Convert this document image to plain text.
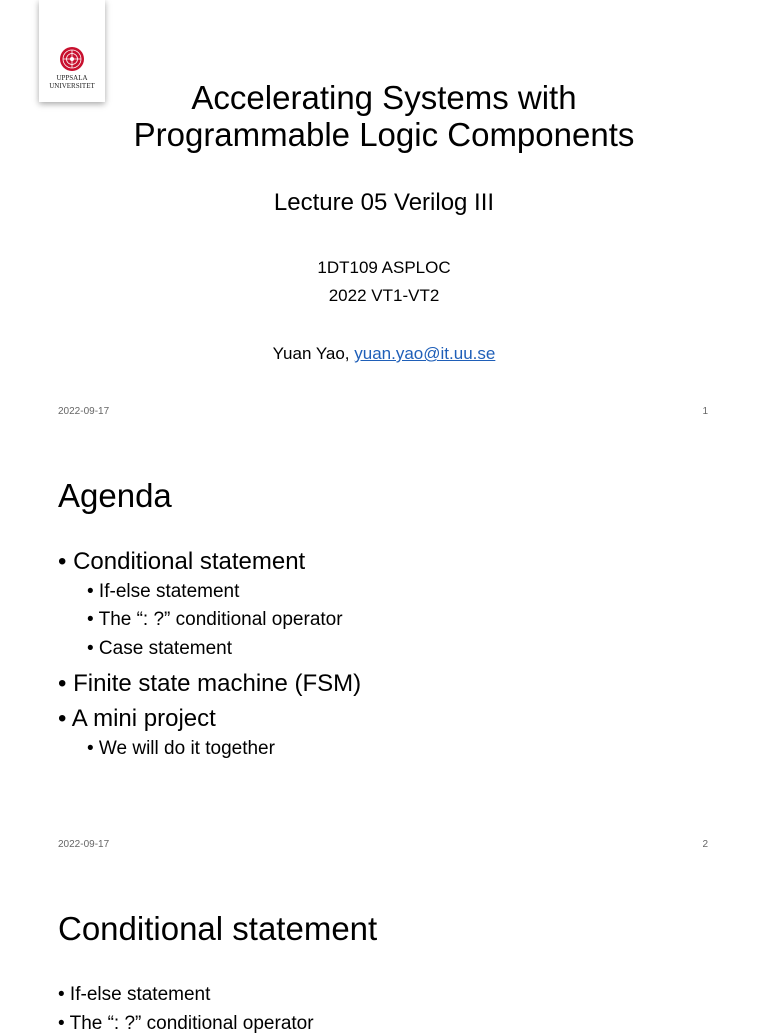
UPPSALA UNIVERSITET	Accelerating Systems with
Programmable Logic Components
Lecture 05 Verilog III
1DT109 ASPLOC
2022 VT1-VT2
Yuan Yao, yuan.yao@it.uu.se
2022-09-17	1
Agenda
• Conditional statement
• If-else statement
• The “: ?” conditional operator
• Case statement
• Finite state machine (FSM)
• A mini project
• We will do it together
2022-09-17	2
Conditional statement
• If-else statement
• The “: ?” conditional operator
